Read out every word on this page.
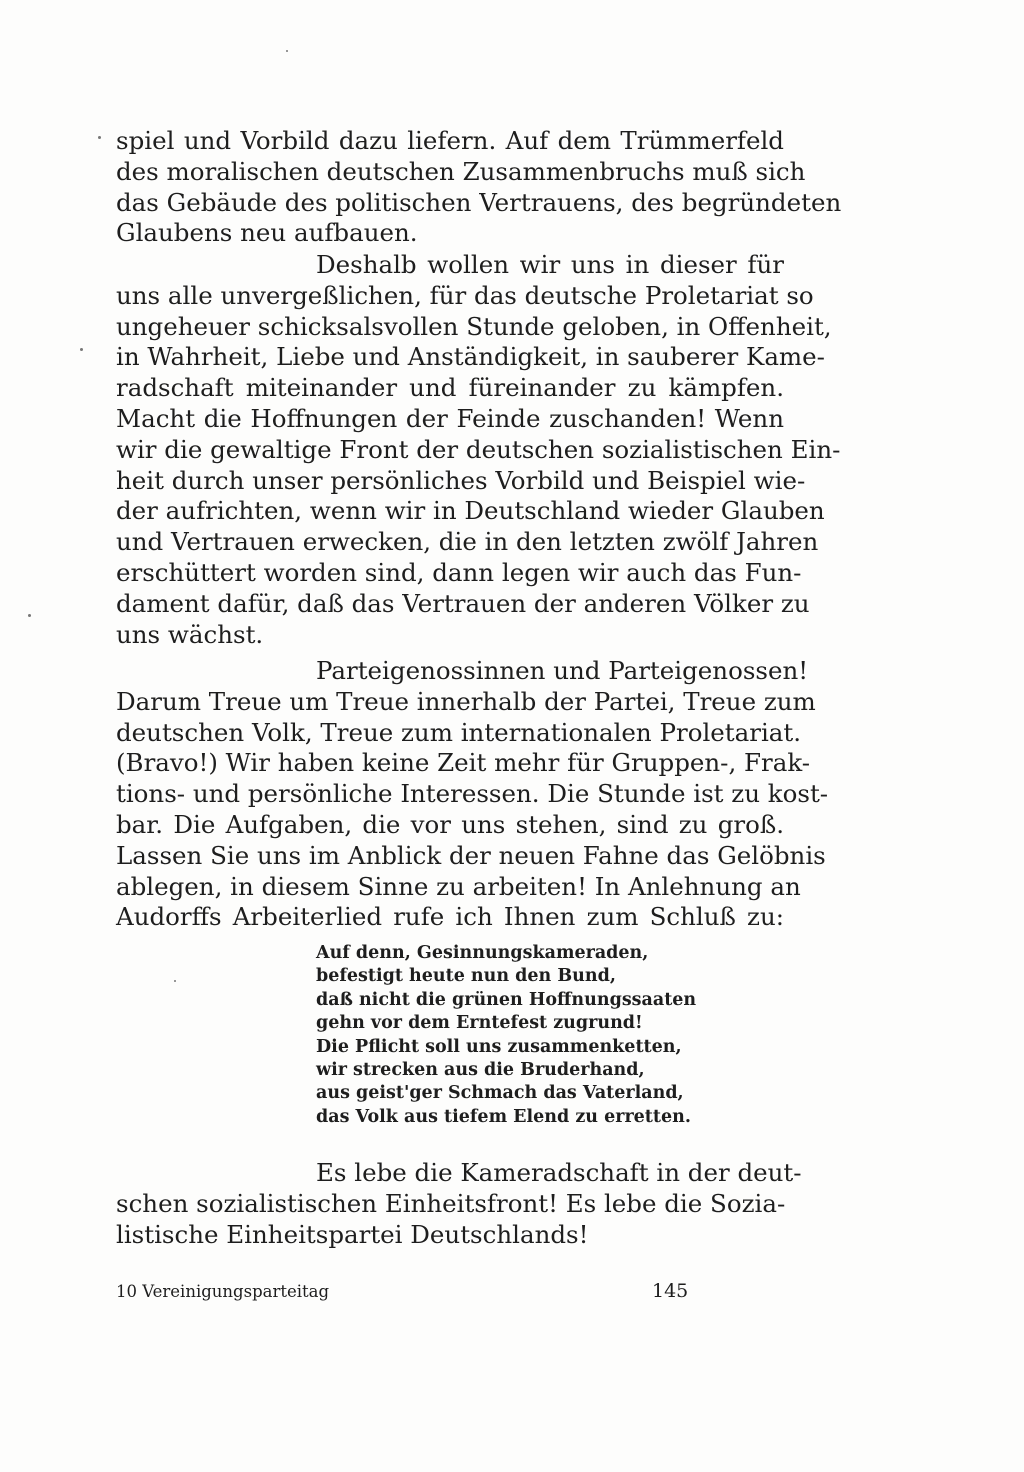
spiel und Vorbild dazu liefern. Auf dem Trümmerfeld
des moralischen deutschen Zusammenbruchs muß sich
das Gebäude des politischen Vertrauens, des begründeten
Glaubens neu aufbauen.
Deshalb wollen wir uns in dieser für
uns alle unvergeßlichen, für das deutsche Proletariat so
ungeheuer schicksalsvollen Stunde geloben, in Offenheit,
in Wahrheit, Liebe und Anständigkeit, in sauberer Kame-
radschaft miteinander und füreinander zu kämpfen.
Macht die Hoffnungen der Feinde zuschanden! Wenn
wir die gewaltige Front der deutschen sozialistischen Ein-
heit durch unser persönliches Vorbild und Beispiel wie-
der aufrichten, wenn wir in Deutschland wieder Glauben
und Vertrauen erwecken, die in den letzten zwölf Jahren
erschüttert worden sind, dann legen wir auch das Fun-
dament dafür, daß das Vertrauen der anderen Völker zu
uns wächst.
Parteigenossinnen und Parteigenossen!
Darum Treue um Treue innerhalb der Partei, Treue zum
deutschen Volk, Treue zum internationalen Proletariat.
(Bravo!) Wir haben keine Zeit mehr für Gruppen-, Frak-
tions- und persönliche Interessen. Die Stunde ist zu kost-
bar. Die Aufgaben, die vor uns stehen, sind zu groß.
Lassen Sie uns im Anblick der neuen Fahne das Gelöbnis
ablegen, in diesem Sinne zu arbeiten! In Anlehnung an
Audorffs Arbeiterlied rufe ich Ihnen zum Schluß zu:
Auf denn, Gesinnungskameraden,
befestigt heute nun den Bund,
daß nicht die grünen Hoffnungssaaten
gehn vor dem Erntefest zugrund!
Die Pflicht soll uns zusammenketten,
wir strecken aus die Bruderhand,
aus geist'ger Schmach das Vaterland,
das Volk aus tiefem Elend zu erretten.
Es lebe die Kameradschaft in der deut-
schen sozialistischen Einheitsfront! Es lebe die Sozia-
listische Einheitspartei Deutschlands!
10 Vereinigungsparteitag	145
